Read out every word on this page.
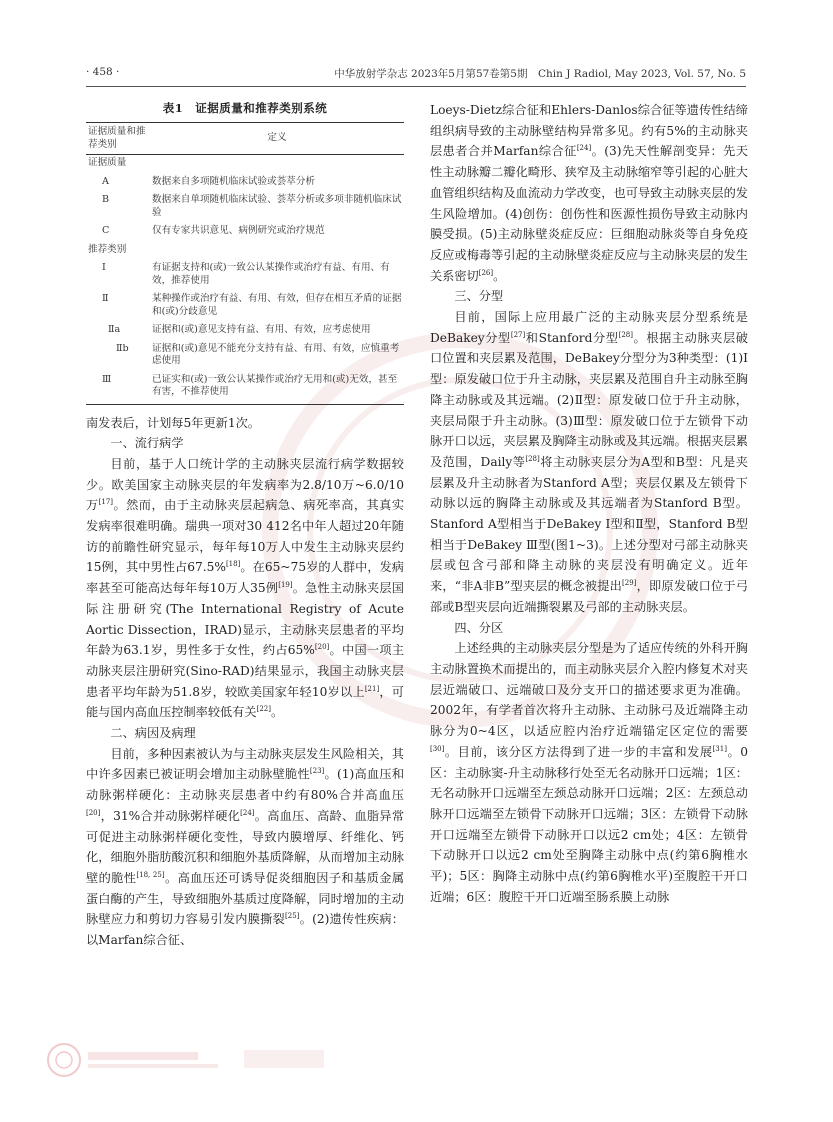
· 458 ·	中华放射学杂志 2023年5月第57卷第5期　Chin J Radiol, May 2023, Vol. 57, No. 5
表1　证据质量和推荐类别系统
证据质量和推荐类别	定义
证据质量	
A	数据来自多项随机临床试验或荟萃分析
B	数据来自单项随机临床试验、荟萃分析或多项非随机临床试验
C	仅有专家共识意见、病例研究或治疗规范
推荐类别	
Ⅰ	有证据支持和(或)一致公认某操作或治疗有益、有用、有效，推荐使用
Ⅱ	某种操作或治疗有益、有用、有效，但存在相互矛盾的证据和(或)分歧意见
Ⅱa	证据和(或)意见支持有益、有用、有效，应考虑使用
Ⅱb	证据和(或)意见不能充分支持有益、有用、有效，应慎重考虑使用
Ⅲ	已证实和(或)一致公认某操作或治疗无用和(或)无效，甚至有害，不推荐使用

南发表后，计划每5年更新1次。

一、流行病学

目前，基于人口统计学的主动脉夹层流行病学数据较少。欧美国家主动脉夹层的年发病率为2.8/10万~6.0/10万[17]。然而，由于主动脉夹层起病急、病死率高，其真实发病率很难明确。瑞典一项对30 412名中年人超过20年随访的前瞻性研究显示，每年每10万人中发生主动脉夹层约15例，其中男性占67.5%[18]。在65~75岁的人群中，发病率甚至可能高达每年每10万人35例[19]。急性主动脉夹层国际注册研究(The International Registry of Acute Aortic Dissection，IRAD)显示，主动脉夹层患者的平均年龄为63.1岁，男性多于女性，约占65%[20]。中国一项主动脉夹层注册研究(Sino-RAD)结果显示，我国主动脉夹层患者平均年龄为51.8岁，较欧美国家年轻10岁以上[21]，可能与国内高血压控制率较低有关[22]。

二、病因及病理

目前，多种因素被认为与主动脉夹层发生风险相关，其中许多因素已被证明会增加主动脉壁脆性[23]。(1)高血压和动脉粥样硬化：主动脉夹层患者中约有80%合并高血压[20]，31%合并动脉粥样硬化[24]。高血压、高龄、血脂异常可促进主动脉粥样硬化变性，导致内膜增厚、纤维化、钙化，细胞外脂肪酸沉积和细胞外基质降解，从而增加主动脉壁的脆性[18, 25]。高血压还可诱导促炎细胞因子和基质金属蛋白酶的产生，导致细胞外基质过度降解，同时增加的主动脉壁应力和剪切力容易引发内膜撕裂[25]。(2)遗传性疾病：以Marfan综合征、

Loeys-Dietz综合征和Ehlers-Danlos综合征等遗传性结缔组织病导致的主动脉壁结构异常多见。约有5%的主动脉夹层患者合并Marfan综合征[24]。(3)先天性解剖变异：先天性主动脉瓣二瓣化畸形、狭窄及主动脉缩窄等引起的心脏大血管组织结构及血流动力学改变，也可导致主动脉夹层的发生风险增加。(4)创伤：创伤性和医源性损伤导致主动脉内膜受损。(5)主动脉壁炎症反应：巨细胞动脉炎等自身免疫反应或梅毒等引起的主动脉壁炎症反应与主动脉夹层的发生关系密切[26]。

三、分型

目前，国际上应用最广泛的主动脉夹层分型系统是DeBakey分型[27]和Stanford分型[28]。根据主动脉夹层破口位置和夹层累及范围，DeBakey分型分为3种类型：(1)Ⅰ型：原发破口位于升主动脉，夹层累及范围自升主动脉至胸降主动脉或及其远端。(2)Ⅱ型：原发破口位于升主动脉，夹层局限于升主动脉。(3)Ⅲ型：原发破口位于左锁骨下动脉开口以远，夹层累及胸降主动脉或及其远端。根据夹层累及范围，Daily等[28]将主动脉夹层分为A型和B型：凡是夹层累及升主动脉者为Stanford A型；夹层仅累及左锁骨下动脉以远的胸降主动脉或及其远端者为Stanford B型。Stanford A型相当于DeBakey Ⅰ型和Ⅱ型，Stanford B型相当于DeBakey Ⅲ型(图1~3)。上述分型对弓部主动脉夹层或包含弓部和降主动脉的夹层没有明确定义。近年来，“非A非B”型夹层的概念被提出[29]，即原发破口位于弓部或B型夹层向近端撕裂累及弓部的主动脉夹层。

四、分区

上述经典的主动脉夹层分型是为了适应传统的外科开胸主动脉置换术而提出的，而主动脉夹层介入腔内修复术对夹层近端破口、远端破口及分支开口的描述要求更为准确。2002年，有学者首次将升主动脉、主动脉弓及近端降主动脉分为0~4区，以适应腔内治疗近端锚定区定位的需要[30]。目前，该分区方法得到了进一步的丰富和发展[31]。0区：主动脉窦-升主动脉移行处至无名动脉开口远端；1区：无名动脉开口远端至左颈总动脉开口远端；2区：左颈总动脉开口远端至左锁骨下动脉开口远端；3区：左锁骨下动脉开口远端至左锁骨下动脉开口以远2 cm处；4区：左锁骨下动脉开口以远2 cm处至胸降主动脉中点(约第6胸椎水平)；5区：胸降主动脉中点(约第6胸椎水平)至腹腔干开口近端；6区：腹腔干开口近端至肠系膜上动脉
